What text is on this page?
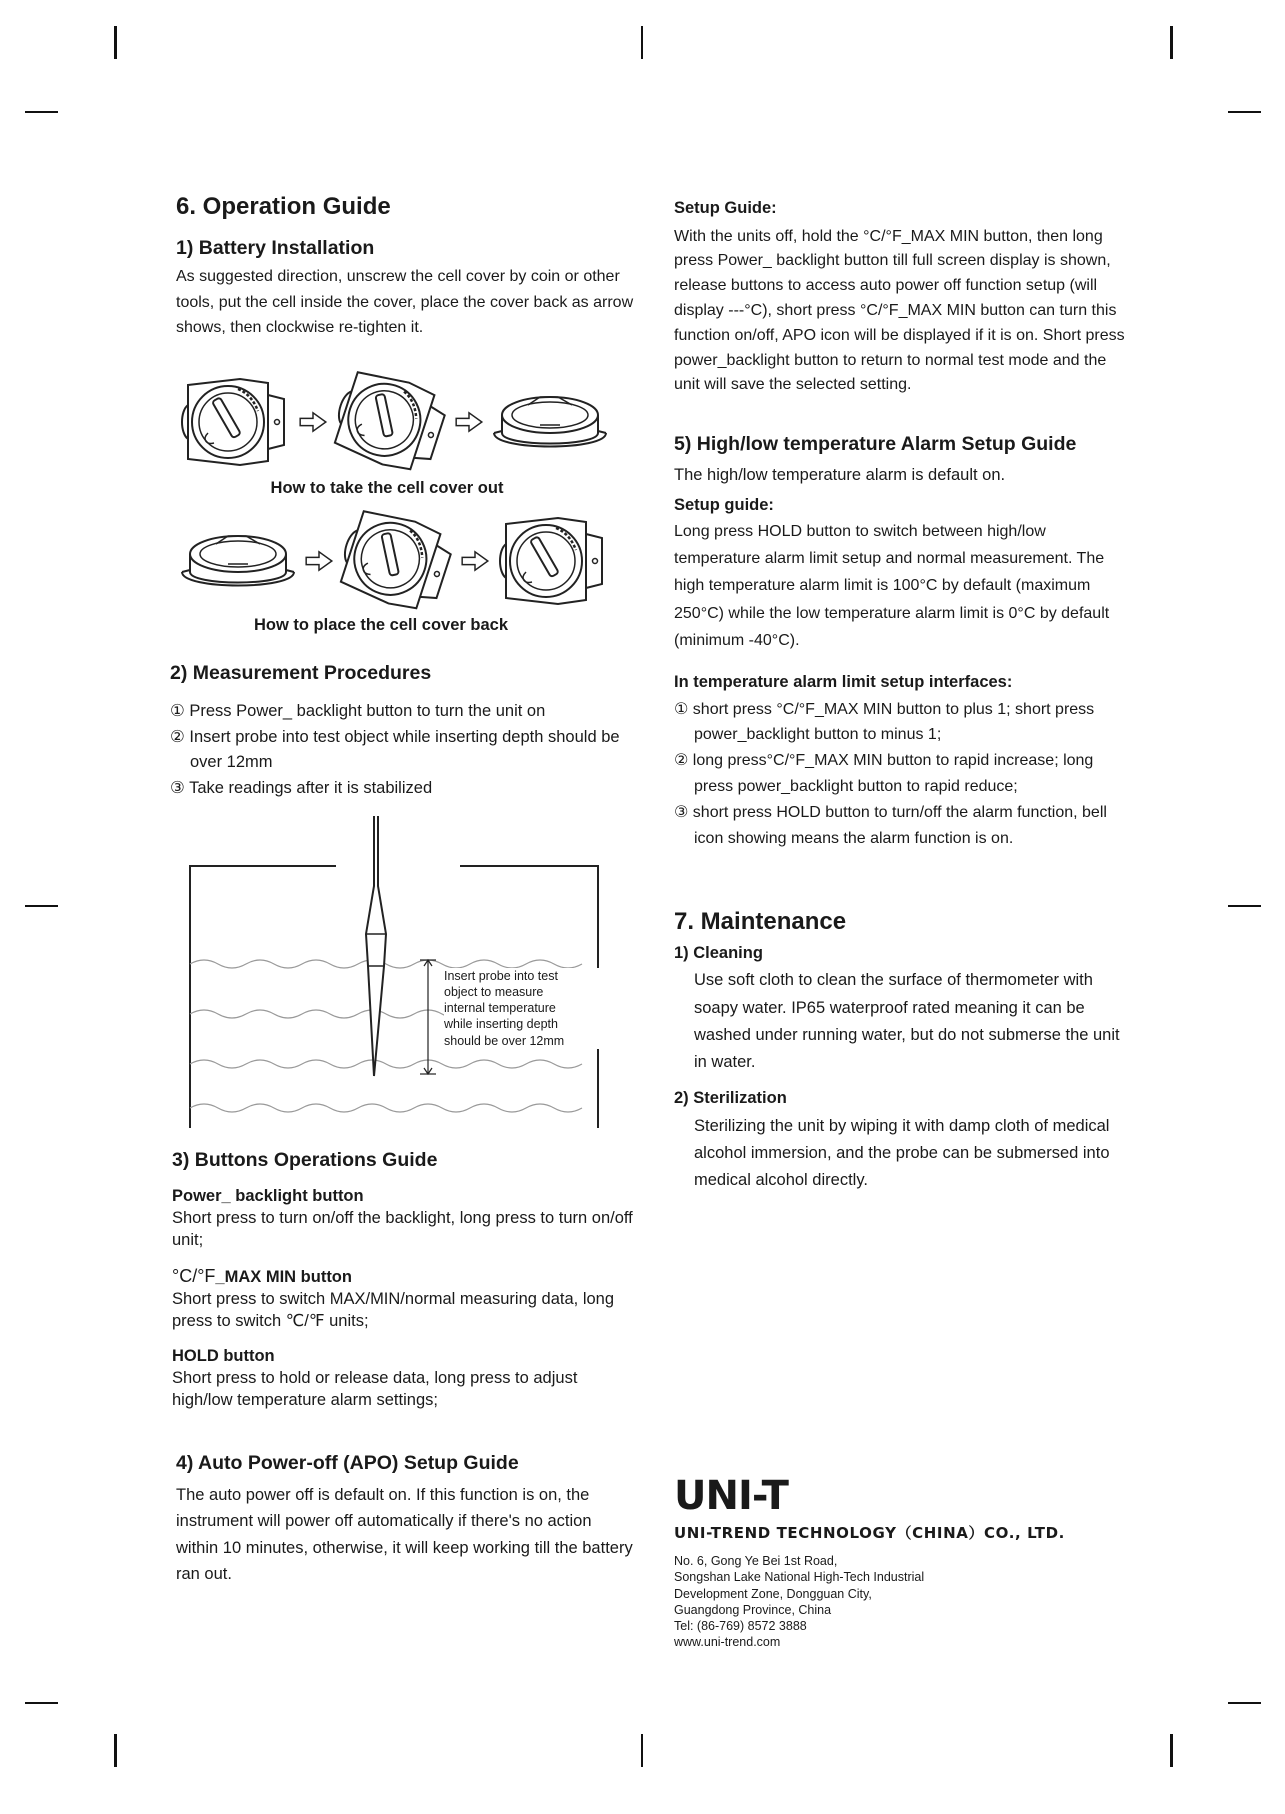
6. Operation Guide
1) Battery Installation

As suggested direction, unscrew the cell cover by coin or other tools, put the cell inside the cover, place the cover back as arrow shows, then clockwise re-tighten it.

How to take the cell cover out
How to place the cell cover back
2) Measurement Procedures
① Press Power_ backlight button to turn the unit on
② Insert probe into test object while inserting depth should be over 12mm
③ Take readings after it is stabilized
Insert probe into test
object to measure
internal temperature
while inserting depth
should be over 12mm
3) Buttons Operations Guide
Power_ backlight button

Short press to turn on/off the backlight, long press to turn on/off unit;

°C/°F_MAX MIN button

Short press to switch MAX/MIN/normal measuring data, long press to switch ℃/℉ units;

HOLD button

Short press to hold or release data, long press to adjust high/low temperature alarm settings;

4) Auto Power-off (APO) Setup Guide

The auto power off is default on. If this function is on, the instrument will power off automatically if there's no action within 10 minutes, otherwise, it will keep working till the battery ran out.

Setup Guide:

With the units off, hold the °C/°F_MAX MIN button, then long press Power_ backlight button till full screen display is shown, release buttons to access auto power off function setup (will display ---°C), short press °C/°F_MAX MIN button can turn this function on/off, APO icon will be displayed if it is on. Short press power_backlight button to return to normal test mode and the unit will save the selected setting.

5) High/low temperature Alarm Setup Guide

The high/low temperature alarm is default on.

Setup guide:

Long press HOLD button to switch between high/low temperature alarm limit setup and normal measurement. The high temperature alarm limit is 100°C by default (maximum 250°C) while the low temperature alarm limit is 0°C by default (minimum -40°C).

In temperature alarm limit setup interfaces:
① short press °C/°F_MAX MIN button to plus 1; short press power_backlight button to minus 1;
② long press°C/°F_MAX MIN button to rapid increase; long press power_backlight button to rapid reduce;
③ short press HOLD button to turn/off the alarm function, bell icon showing means the alarm function is on.
7. Maintenance
1) Cleaning

Use soft cloth to clean the surface of thermometer with soapy water. IP65 waterproof rated meaning it can be washed under running water, but do not submerse the unit in water.

2) Sterilization

Sterilizing the unit by wiping it with damp cloth of medical alcohol immersion, and the probe can be submersed into medical alcohol directly.

UNI-T
UNI-TREND TECHNOLOGY（CHINA）CO., LTD.
No. 6, Gong Ye Bei 1st Road,
Songshan Lake National High-Tech Industrial
Development Zone, Dongguan City,
Guangdong Province, China
Tel: (86-769) 8572 3888
www.uni-trend.com
